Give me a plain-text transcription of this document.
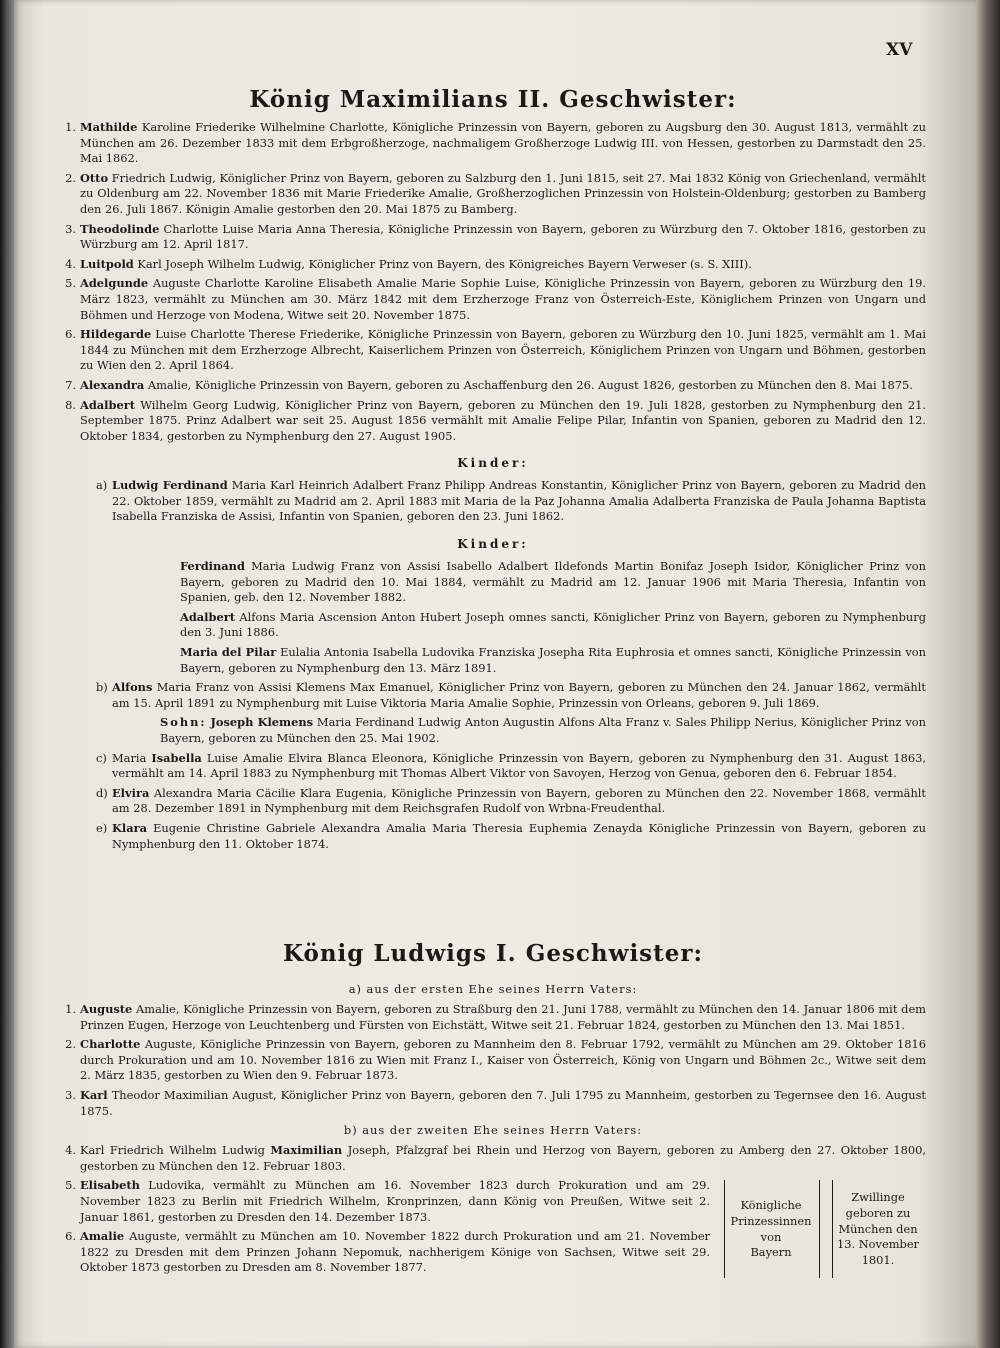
XV
König Maximilians II. Geschwister:
1. Mathilde Karoline Friederike Wilhelmine Charlotte, Königliche Prinzessin von Bayern, geboren zu Augsburg den 30. August 1813, vermählt zu München am 26. Dezember 1833 mit dem Erbgroßherzoge, nachmaligem Großherzoge Ludwig III. von Hessen, gestorben zu Darmstadt den 25. Mai 1862.
2. Otto Friedrich Ludwig, Königlicher Prinz von Bayern, geboren zu Salzburg den 1. Juni 1815, seit 27. Mai 1832 König von Griechenland, vermählt zu Oldenburg am 22. November 1836 mit Marie Friederike Amalie, Großherzoglichen Prinzessin von Holstein-Oldenburg; gestorben zu Bamberg den 26. Juli 1867. Königin Amalie gestorben den 20. Mai 1875 zu Bamberg.
3. Theodolinde Charlotte Luise Maria Anna Theresia, Königliche Prinzessin von Bayern, geboren zu Würzburg den 7. Oktober 1816, gestorben zu Würzburg am 12. April 1817.
4. Luitpold Karl Joseph Wilhelm Ludwig, Königlicher Prinz von Bayern, des Königreiches Bayern Verweser (s. S. XIII).
5. Adelgunde Auguste Charlotte Karoline Elisabeth Amalie Marie Sophie Luise, Königliche Prinzessin von Bayern, geboren zu Würzburg den 19. März 1823, vermählt zu München am 30. März 1842 mit dem Erzherzoge Franz von Österreich-Este, Königlichem Prinzen von Ungarn und Böhmen und Herzoge von Modena, Witwe seit 20. November 1875.
6. Hildegarde Luise Charlotte Therese Friederike, Königliche Prinzessin von Bayern, geboren zu Würzburg den 10. Juni 1825, vermählt am 1. Mai 1844 zu München mit dem Erzherzoge Albrecht, Kaiserlichem Prinzen von Österreich, Königlichem Prinzen von Ungarn und Böhmen, gestorben zu Wien den 2. April 1864.
7. Alexandra Amalie, Königliche Prinzessin von Bayern, geboren zu Aschaffenburg den 26. August 1826, gestorben zu München den 8. Mai 1875.
8. Adalbert Wilhelm Georg Ludwig, Königlicher Prinz von Bayern, geboren zu München den 19. Juli 1828, gestorben zu Nymphenburg den 21. September 1875. Prinz Adalbert war seit 25. August 1856 vermählt mit Amalie Felipe Pilar, Infantin von Spanien, geboren zu Madrid den 12. Oktober 1834, gestorben zu Nymphenburg den 27. August 1905.
Kinder:
a) Ludwig Ferdinand Maria Karl Heinrich Adalbert Franz Philipp Andreas Konstantin, Königlicher Prinz von Bayern, geboren zu Madrid den 22. Oktober 1859, vermählt zu Madrid am 2. April 1883 mit Maria de la Paz Johanna Amalia Adalberta Franziska de Paula Johanna Baptista Isabella Franziska de Assisi, Infantin von Spanien, geboren den 23. Juni 1862.
Kinder:
Ferdinand Maria Ludwig Franz von Assisi Isabello Adalbert Ildefonds Martin Bonifaz Joseph Isidor, Königlicher Prinz von Bayern, geboren zu Madrid den 10. Mai 1884, vermählt zu Madrid am 12. Januar 1906 mit Maria Theresia, Infantin von Spanien, geb. den 12. November 1882.
Adalbert Alfons Maria Ascension Anton Hubert Joseph omnes sancti, Königlicher Prinz von Bayern, geboren zu Nymphenburg den 3. Juni 1886.
Maria del Pilar Eulalia Antonia Isabella Ludovika Franziska Josepha Rita Euphrosia et omnes sancti, Königliche Prinzessin von Bayern, geboren zu Nymphenburg den 13. März 1891.
b) Alfons Maria Franz von Assisi Klemens Max Emanuel, Königlicher Prinz von Bayern, geboren zu München den 24. Januar 1862, vermählt am 15. April 1891 zu Nymphenburg mit Luise Viktoria Maria Amalie Sophie, Prinzessin von Orleans, geboren 9. Juli 1869.
Sohn: Joseph Klemens Maria Ferdinand Ludwig Anton Augustin Alfons Alta Franz v. Sales Philipp Nerius, Königlicher Prinz von Bayern, geboren zu München den 25. Mai 1902.
c) Maria Isabella Luise Amalie Elvira Blanca Eleonora, Königliche Prinzessin von Bayern, geboren zu Nymphenburg den 31. August 1863, vermählt am 14. April 1883 zu Nymphenburg mit Thomas Albert Viktor von Savoyen, Herzog von Genua, geboren den 6. Februar 1854.
d) Elvira Alexandra Maria Cäcilie Klara Eugenia, Königliche Prinzessin von Bayern, geboren zu München den 22. November 1868, vermählt am 28. Dezember 1891 in Nymphenburg mit dem Reichsgrafen Rudolf von Wrbna-Freudenthal.
e) Klara Eugenie Christine Gabriele Alexandra Amalia Maria Theresia Euphemia Zenayda Königliche Prinzessin von Bayern, geboren zu Nymphenburg den 11. Oktober 1874.
König Ludwigs I. Geschwister:
a) aus der ersten Ehe seines Herrn Vaters:
1. Auguste Amalie, Königliche Prinzessin von Bayern, geboren zu Straßburg den 21. Juni 1788, vermählt zu München den 14. Januar 1806 mit dem Prinzen Eugen, Herzoge von Leuchtenberg und Fürsten von Eichstätt, Witwe seit 21. Februar 1824, gestorben zu München den 13. Mai 1851.
2. Charlotte Auguste, Königliche Prinzessin von Bayern, geboren zu Mannheim den 8. Februar 1792, vermählt zu München am 29. Oktober 1816 durch Prokuration und am 10. November 1816 zu Wien mit Franz I., Kaiser von Österreich, König von Ungarn und Böhmen 2c., Witwe seit dem 2. März 1835, gestorben zu Wien den 9. Februar 1873.
3. Karl Theodor Maximilian August, Königlicher Prinz von Bayern, geboren den 7. Juli 1795 zu Mannheim, gestorben zu Tegernsee den 16. August 1875.
b) aus der zweiten Ehe seines Herrn Vaters:
4. Karl Friedrich Wilhelm Ludwig Maximilian Joseph, Pfalzgraf bei Rhein und Herzog von Bayern, geboren zu Amberg den 27. Oktober 1800, gestorben zu München den 12. Februar 1803.
5. Elisabeth Ludovika, vermählt zu München am 16. November 1823 durch Prokuration und am 29. November 1823 zu Berlin mit Friedrich Wilhelm, Kronprinzen, dann König von Preußen, Witwe seit 2. Januar 1861, gestorben zu Dresden den 14. Dezember 1873.
6. Amalie Auguste, vermählt zu München am 10. November 1822 durch Prokuration und am 21. November 1822 zu Dresden mit dem Prinzen Johann Nepomuk, nachherigem Könige von Sachsen, Witwe seit 29. Oktober 1873 gestorben zu Dresden am 8. November 1877.
Königliche
Prinzessinnen
von
Bayern
Zwillinge
geboren zu
München den
13. November
1801.
